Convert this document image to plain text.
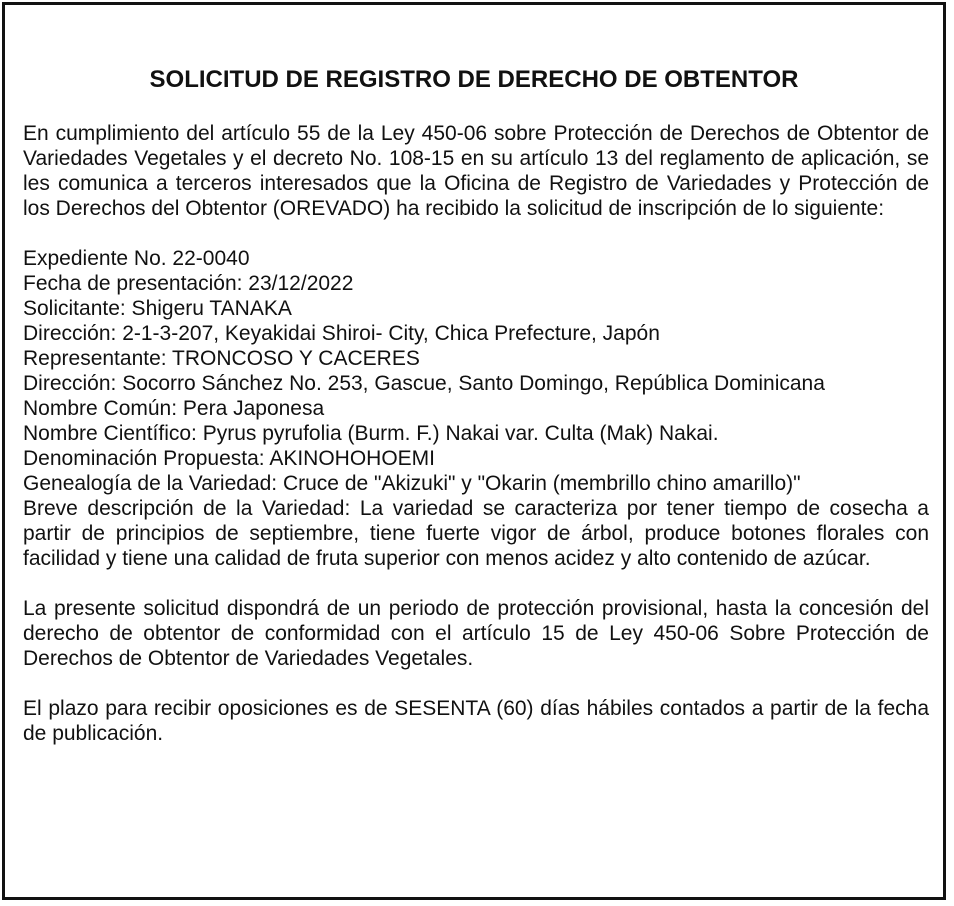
SOLICITUD DE REGISTRO DE DERECHO DE OBTENTOR

En cumplimiento del artículo 55 de la Ley 450-06 sobre Protección de Derechos de Obtentor de Variedades Vegetales y el decreto No. 108-15 en su artículo 13 del reglamento de aplicación, se les comunica a terceros interesados que la Oficina de Registro de Variedades y Protección de los Derechos del Obtentor (OREVADO) ha recibido la solicitud de inscripción de lo siguiente:

Expediente No. 22-0040

Fecha de presentación: 23/12/2022

Solicitante: Shigeru TANAKA

Dirección: 2-1-3-207, Keyakidai Shiroi- City, Chica Prefecture, Japón

Representante: TRONCOSO Y CACERES

Dirección: Socorro Sánchez No. 253, Gascue, Santo Domingo, República Dominicana

Nombre Común: Pera Japonesa

Nombre Científico: Pyrus pyrufolia (Burm. F.) Nakai var. Culta (Mak) Nakai.

Denominación Propuesta: AKINOHOHOEMI

Genealogía de la Variedad: Cruce de "Akizuki" y "Okarin (membrillo chino amarillo)"

Breve descripción de la Variedad: La variedad se caracteriza por tener tiempo de cosecha a partir de principios de septiembre, tiene fuerte vigor de árbol, produce botones florales con facilidad y tiene una calidad de fruta superior con menos acidez y alto contenido de azúcar.

La presente solicitud dispondrá de un periodo de protección provisional, hasta la concesión del derecho de obtentor de conformidad con el artículo 15 de Ley 450-06 Sobre Protección de Derechos de Obtentor de Variedades Vegetales.

El plazo para recibir oposiciones es de SESENTA (60) días hábiles contados a partir de la fecha de publicación.
